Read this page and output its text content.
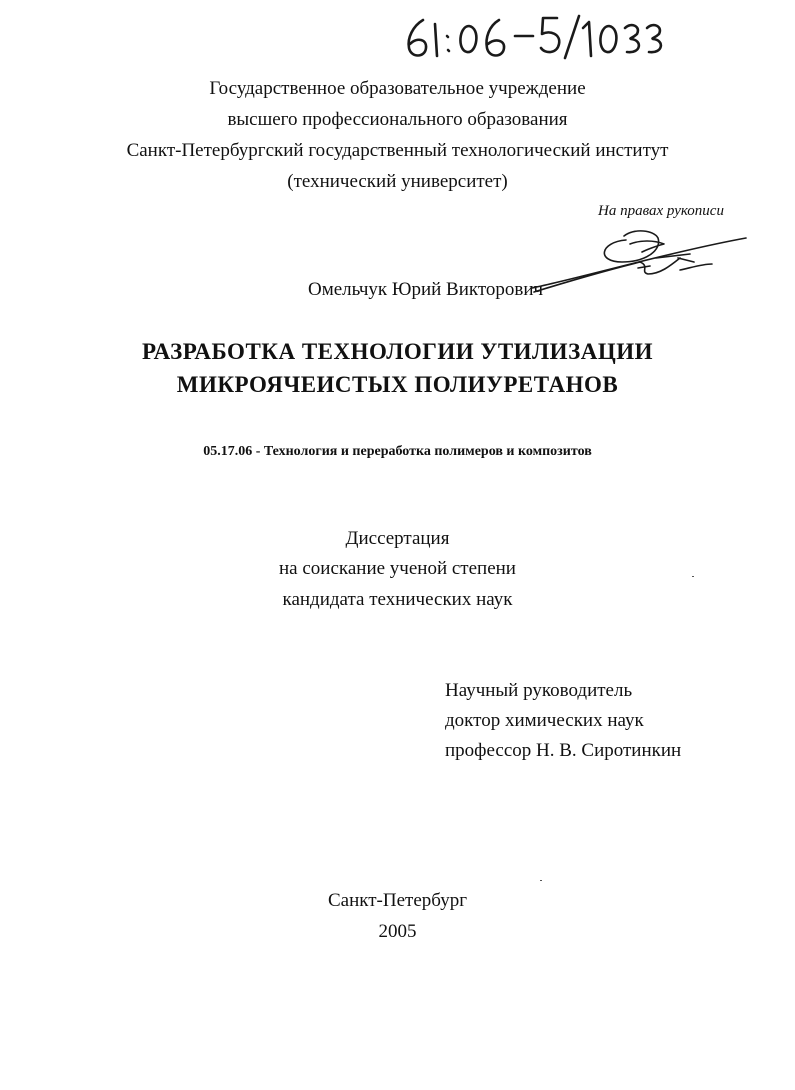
Государственное образовательное учреждение
высшего профессионального образования
Санкт-Петербургский государственный технологический институт
(технический университет)
На правах рукописи
Омельчук Юрий Викторович
РАЗРАБОТКА ТЕХНОЛОГИИ УТИЛИЗАЦИИ
МИКРОЯЧЕИСТЫХ ПОЛИУРЕТАНОВ
05.17.06 - Технология и переработка полимеров и композитов
Диссертация
на соискание ученой степени
кандидата технических наук
Научный руководитель
доктор химических наук
профессор Н. В. Сиротинкин
Санкт-Петербург
2005
